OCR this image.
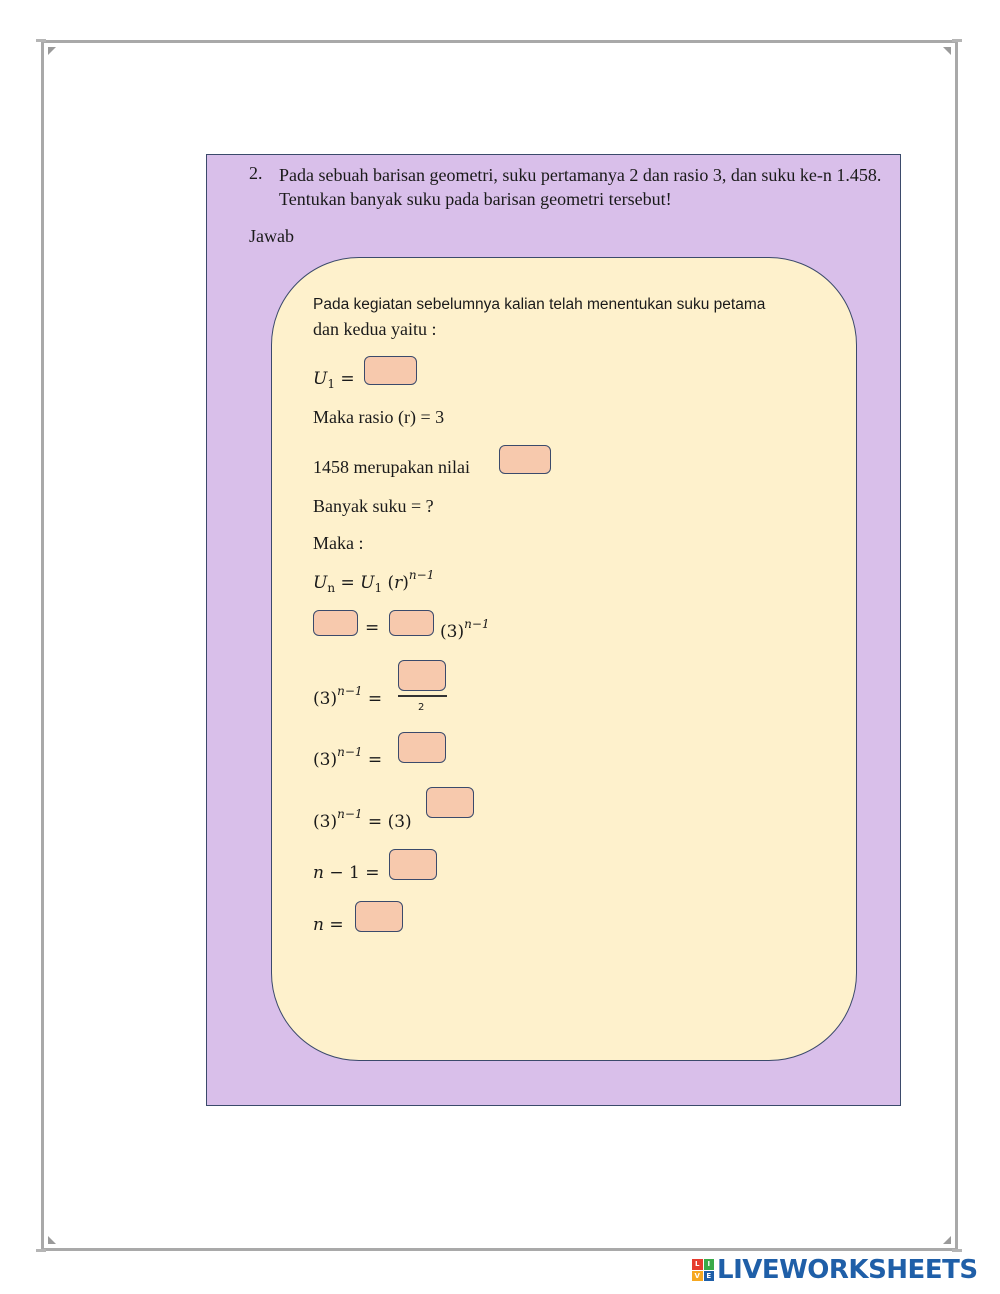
2. Pada sebuah barisan geometri, suku pertamanya 2 dan rasio 3, dan suku ke-n 1.458. Tentukan banyak suku pada barisan geometri tersebut!
Jawab
Pada kegiatan sebelumnya kalian telah menentukan suku petama
dan kedua yaitu :
$U_1$ =
Maka rasio (r) = 3
1458 merupakan nilai
Banyak suku = ?
Maka :
$U_n = U_1$ $(r)^{n-1}$
=	$(3)^{n-1}$
$(3)^{n-1}$ =	2
$(3)^{n-1}$ =
$(3)^{n-1} = (3)$
n − 1 =
n =
L	I
V E LIVEWORKSHEETS
